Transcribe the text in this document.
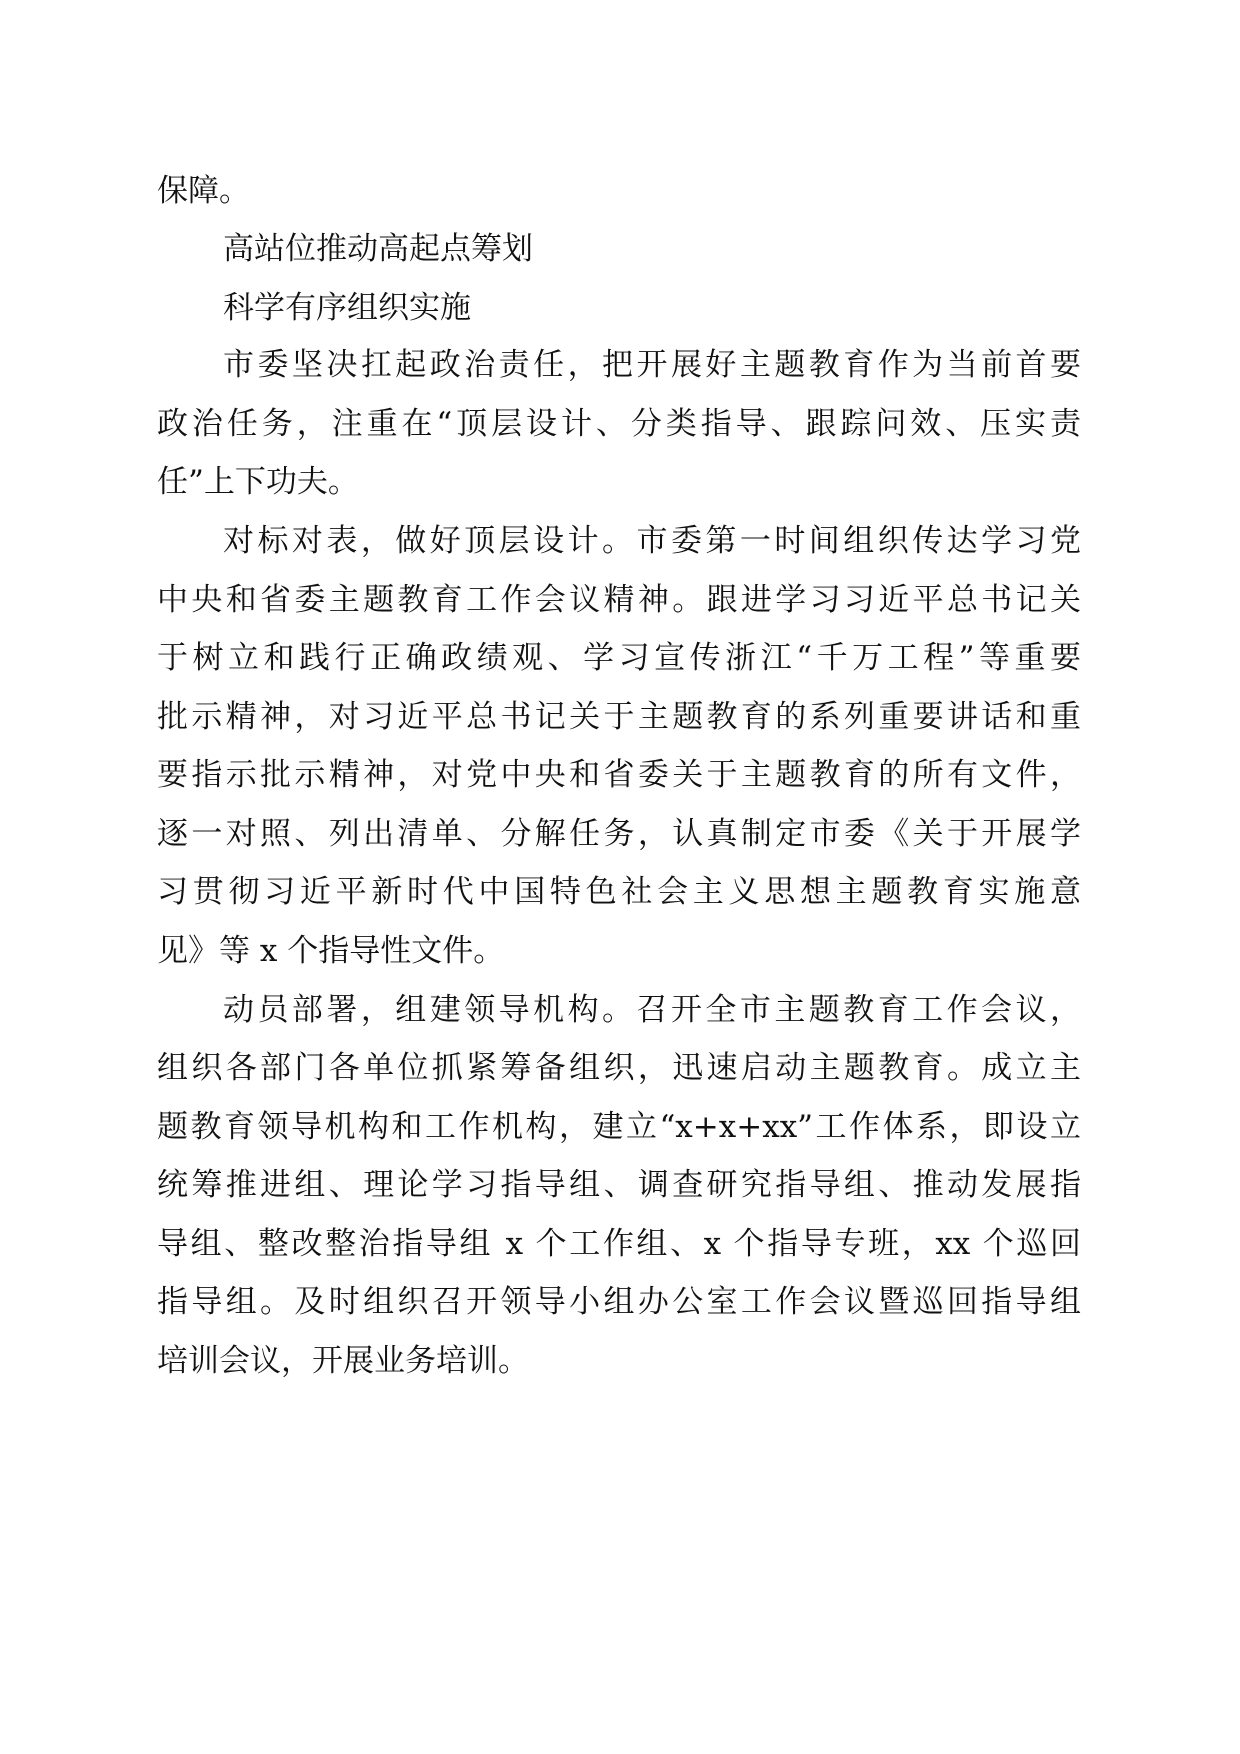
保障。
高站位推动高起点筹划
科学有序组织实施
市委坚决扛起政治责任，把开展好主题教育作为当前首要
政治任务，注重在“顶层设计、分类指导、跟踪问效、压实责
任”上下功夫。
对标对表，做好顶层设计。市委第一时间组织传达学习党
中央和省委主题教育工作会议精神。跟进学习习近平总书记关
于树立和践行正确政绩观、学习宣传浙江“千万工程”等重要
批示精神，对习近平总书记关于主题教育的系列重要讲话和重
要指示批示精神，对党中央和省委关于主题教育的所有文件，
逐一对照、列出清单、分解任务，认真制定市委《关于开展学
习贯彻习近平新时代中国特色社会主义思想主题教育实施意
见》等 x 个指导性文件。
动员部署，组建领导机构。召开全市主题教育工作会议，
组织各部门各单位抓紧筹备组织，迅速启动主题教育。成立主
题教育领导机构和工作机构，建立“x+x+xx”工作体系，即设立
统筹推进组、理论学习指导组、调查研究指导组、推动发展指
导组、整改整治指导组 x 个工作组、x 个指导专班，xx 个巡回
指导组。及时组织召开领导小组办公室工作会议暨巡回指导组
培训会议，开展业务培训。
